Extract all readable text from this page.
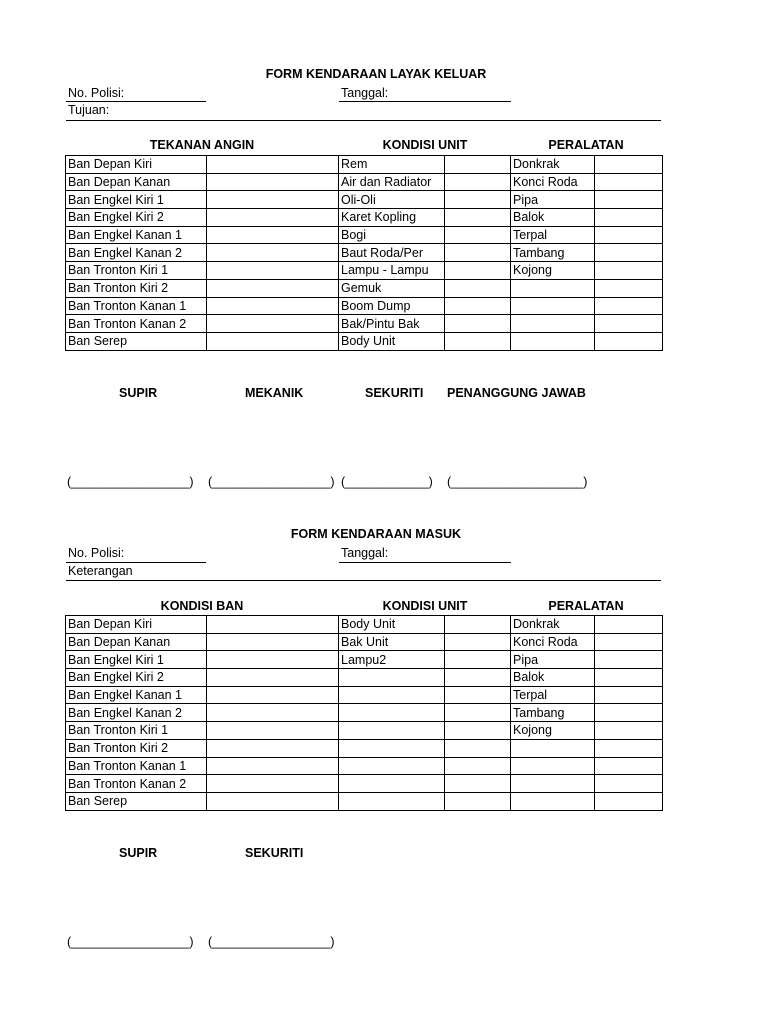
FORM KENDARAAN LAYAK KELUAR
No. Polisi:	Tanggal:
Tujuan:
TEKANAN ANGIN	KONDISI UNIT	PERALATAN
Ban Depan Kiri		Rem		Donkrak	
Ban Depan Kanan		Air dan Radiator		Konci Roda	
Ban Engkel Kiri 1		Oli-Oli		Pipa	
Ban Engkel Kiri 2		Karet Kopling		Balok	
Ban Engkel Kanan 1		Bogi		Terpal	
Ban Engkel Kanan 2		Baut Roda/Per		Tambang	
Ban Tronton Kiri 1		Lampu - Lampu		Kojong	
Ban Tronton Kiri 2		Gemuk			
Ban Tronton Kanan 1		Boom Dump			
Ban Tronton Kanan 2		Bak/Pintu Bak			
Ban Serep		Body Unit			
SUPIR	MEKANIK	SEKURITI PENANGGUNG JAWAB
(_________________) (_________________) (____________) (___________________)
FORM KENDARAAN MASUK
No. Polisi:	Tanggal:
Keterangan
KONDISI BAN	KONDISI UNIT	PERALATAN
Ban Depan Kiri		Body Unit		Donkrak	
Ban Depan Kanan		Bak Unit		Konci Roda	
Ban Engkel Kiri 1		Lampu2		Pipa	
Ban Engkel Kiri 2				Balok	
Ban Engkel Kanan 1				Terpal	
Ban Engkel Kanan 2				Tambang	
Ban Tronton Kiri 1				Kojong	
Ban Tronton Kiri 2					
Ban Tronton Kanan 1					
Ban Tronton Kanan 2					
Ban Serep					
SUPIR	SEKURITI
(_________________) (_________________)
